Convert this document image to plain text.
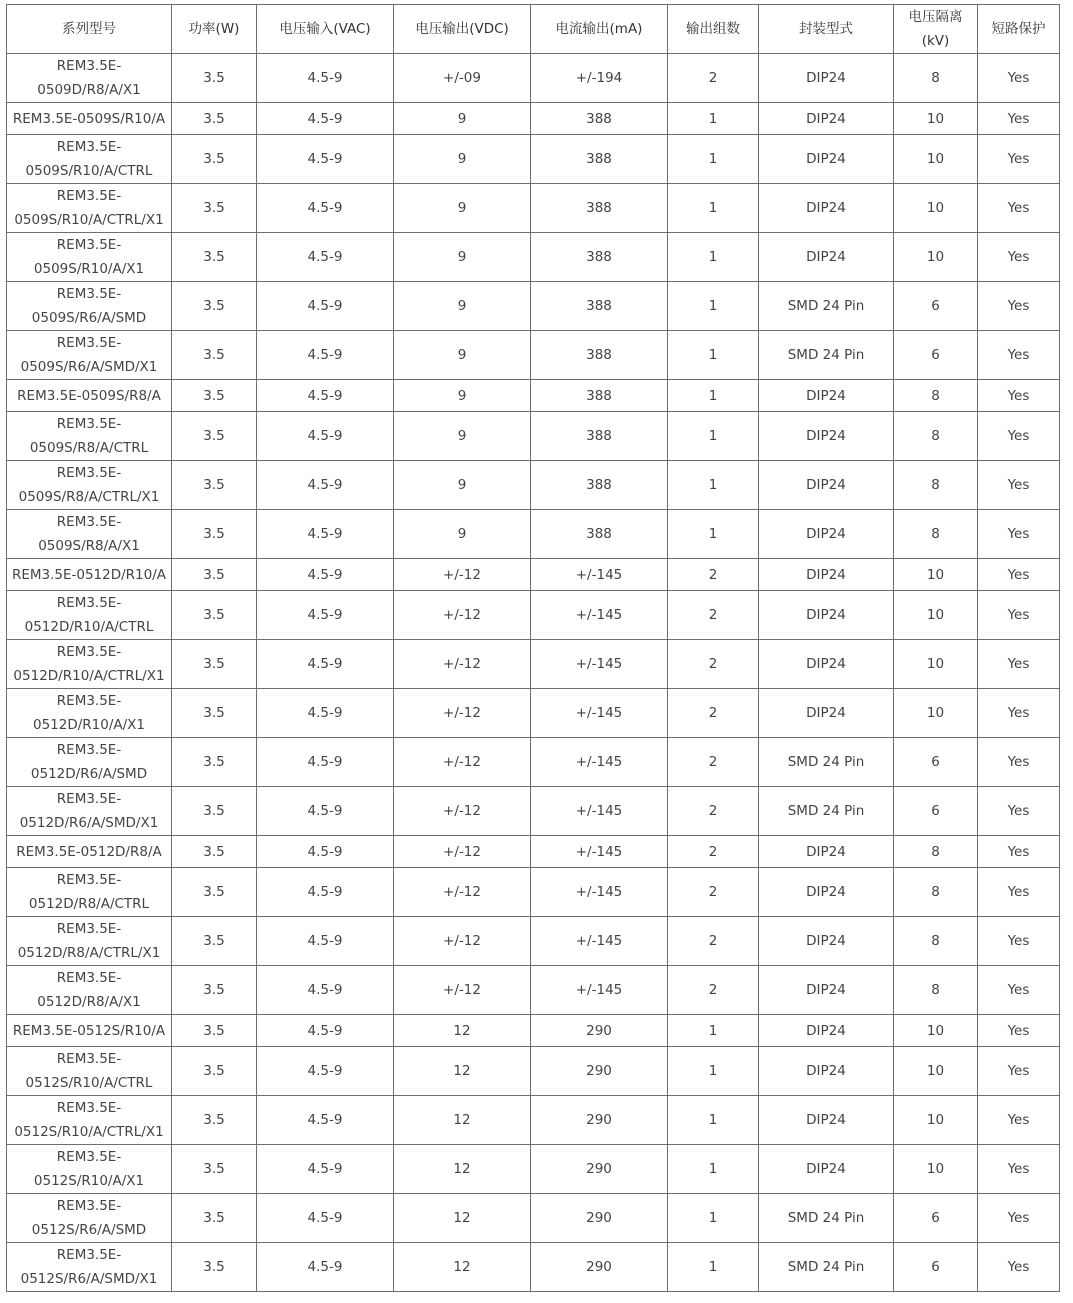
系列型号	功率(W)	电压输入(VAC)	电压输出(VDC)	电流输出(mA)	输出组数	封装型式	电压隔离 (kV)	短路保护
REM3.5E-0509D/R8/A/X1	3.5	4.5-9	+/-09	+/-194	2	DIP24	8	Yes
REM3.5E-0509S/R10/A	3.5	4.5-9	9	388	1	DIP24	10	Yes
REM3.5E-0509S/R10/A/CTRL	3.5	4.5-9	9	388	1	DIP24	10	Yes
REM3.5E-0509S/R10/A/CTRL/X1	3.5	4.5-9	9	388	1	DIP24	10	Yes
REM3.5E-0509S/R10/A/X1	3.5	4.5-9	9	388	1	DIP24	10	Yes
REM3.5E-0509S/R6/A/SMD	3.5	4.5-9	9	388	1	SMD 24 Pin	6	Yes
REM3.5E-0509S/R6/A/SMD/X1	3.5	4.5-9	9	388	1	SMD 24 Pin	6	Yes
REM3.5E-0509S/R8/A	3.5	4.5-9	9	388	1	DIP24	8	Yes
REM3.5E-0509S/R8/A/CTRL	3.5	4.5-9	9	388	1	DIP24	8	Yes
REM3.5E-0509S/R8/A/CTRL/X1	3.5	4.5-9	9	388	1	DIP24	8	Yes
REM3.5E-0509S/R8/A/X1	3.5	4.5-9	9	388	1	DIP24	8	Yes
REM3.5E-0512D/R10/A	3.5	4.5-9	+/-12	+/-145	2	DIP24	10	Yes
REM3.5E-0512D/R10/A/CTRL	3.5	4.5-9	+/-12	+/-145	2	DIP24	10	Yes
REM3.5E-0512D/R10/A/CTRL/X1	3.5	4.5-9	+/-12	+/-145	2	DIP24	10	Yes
REM3.5E-0512D/R10/A/X1	3.5	4.5-9	+/-12	+/-145	2	DIP24	10	Yes
REM3.5E-0512D/R6/A/SMD	3.5	4.5-9	+/-12	+/-145	2	SMD 24 Pin	6	Yes
REM3.5E-0512D/R6/A/SMD/X1	3.5	4.5-9	+/-12	+/-145	2	SMD 24 Pin	6	Yes
REM3.5E-0512D/R8/A	3.5	4.5-9	+/-12	+/-145	2	DIP24	8	Yes
REM3.5E-0512D/R8/A/CTRL	3.5	4.5-9	+/-12	+/-145	2	DIP24	8	Yes
REM3.5E-0512D/R8/A/CTRL/X1	3.5	4.5-9	+/-12	+/-145	2	DIP24	8	Yes
REM3.5E-0512D/R8/A/X1	3.5	4.5-9	+/-12	+/-145	2	DIP24	8	Yes
REM3.5E-0512S/R10/A	3.5	4.5-9	12	290	1	DIP24	10	Yes
REM3.5E-0512S/R10/A/CTRL	3.5	4.5-9	12	290	1	DIP24	10	Yes
REM3.5E-0512S/R10/A/CTRL/X1	3.5	4.5-9	12	290	1	DIP24	10	Yes
REM3.5E-0512S/R10/A/X1	3.5	4.5-9	12	290	1	DIP24	10	Yes
REM3.5E-0512S/R6/A/SMD	3.5	4.5-9	12	290	1	SMD 24 Pin	6	Yes
REM3.5E-0512S/R6/A/SMD/X1	3.5	4.5-9	12	290	1	SMD 24 Pin	6	Yes
